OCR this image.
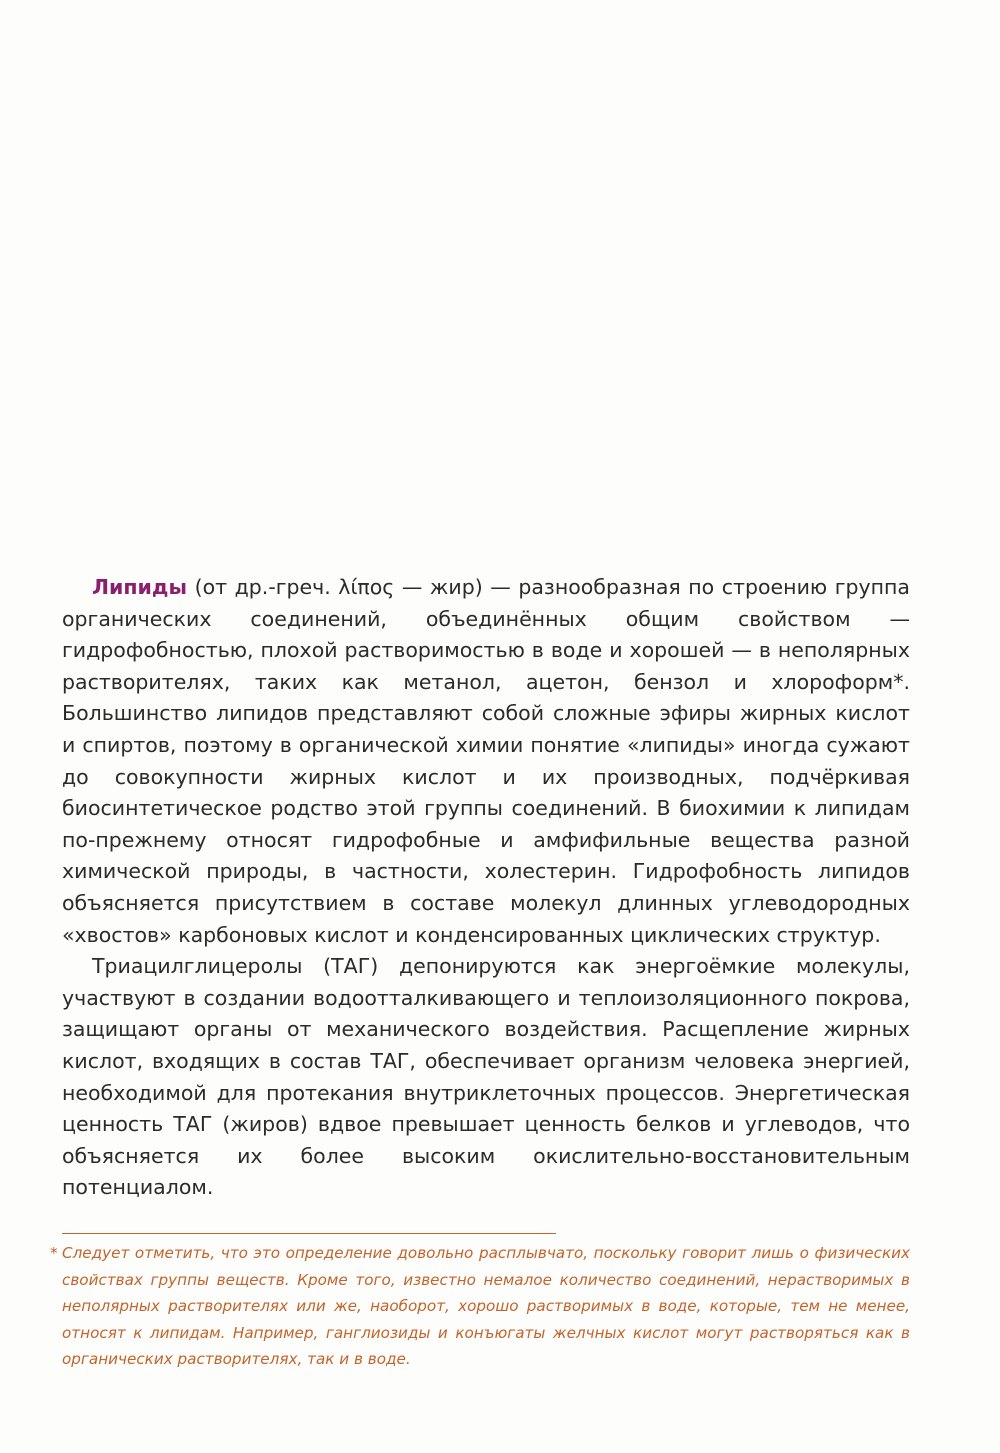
Липиды (от др.-греч. λίπος — жир) — разнообразная по строению группа органических соединений, объединённых общим свойством — гидрофобностью, плохой растворимостью в воде и хорошей — в неполярных растворителях, таких как метанол, ацетон, бензол и хлороформ*. Большинство липидов представляют собой сложные эфиры жирных кислот и спиртов, поэтому в органической химии понятие «липиды» иногда сужают до совокупности жирных кислот и их производных, подчёркивая биосинтетическое родство этой группы соединений. В биохимии к липидам по-прежнему относят гидрофобные и амфифильные вещества разной химической природы, в частности, холестерин. Гидрофобность липидов объясняется присутствием в составе молекул длинных углеводородных «хвостов» карбоновых кислот и конденсированных циклических структур.

Триацилглицеролы (ТАГ) депонируются как энергоёмкие молекулы, участвуют в создании водоотталкивающего и теплоизоляционного покрова, защищают органы от механического воздействия. Расщепление жирных кислот, входящих в состав ТАГ, обеспечивает организм человека энергией, необходимой для протекания внутриклеточных процессов. Энергетическая ценность ТАГ (жиров) вдвое превышает ценность белков и углеводов, что объясняется их более высоким окислительно-восстановительным потенциалом.

* Следует отметить, что это определение довольно расплывчато, поскольку говорит лишь о физических свойствах группы веществ. Кроме того, известно немалое количество соединений, нерастворимых в неполярных растворителях или же, наоборот, хорошо растворимых в воде, которые, тем не менее, относят к липидам. Например, ганглиозиды и конъюгаты желчных кислот могут растворяться как в органических растворителях, так и в воде.
